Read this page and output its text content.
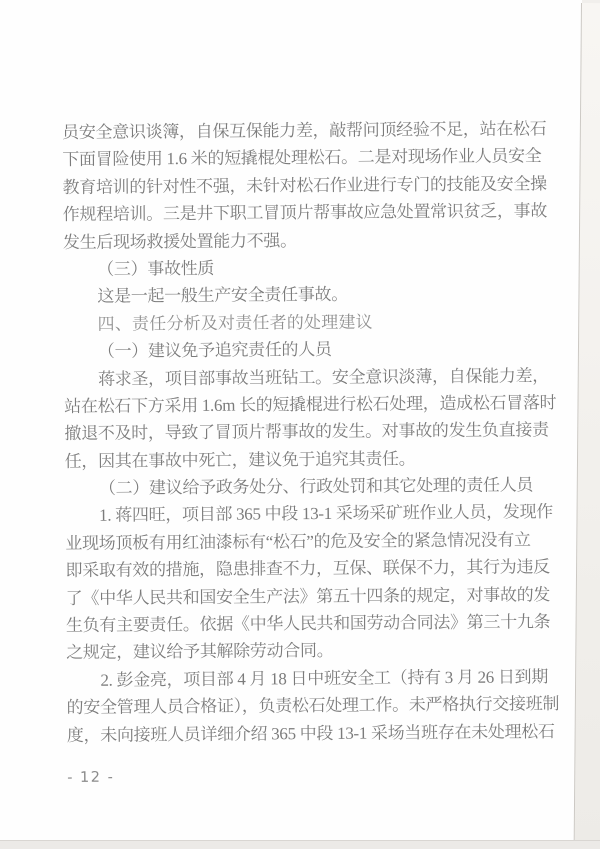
员安全意识谈簿，自保互保能力差，敲帮问顶经验不足，站在松石
下面冒险使用 1.6 米的短撬棍处理松石。二是对现场作业人员安全
教育培训的针对性不强，未针对松石作业进行专门的技能及安全操
作规程培训。三是井下职工冒顶片帮事故应急处置常识贫乏，事故
发生后现场救援处置能力不强。
（三）事故性质
这是一起一般生产安全责任事故。
四、责任分析及对责任者的处理建议
（一）建议免予追究责任的人员
蒋求圣，项目部事故当班钻工。安全意识淡薄，自保能力差，
站在松石下方采用 1.6m 长的短撬棍进行松石处理，造成松石冒落时
撤退不及时，导致了冒顶片帮事故的发生。对事故的发生负直接责
任，因其在事故中死亡，建议免于追究其责任。
（二）建议给予政务处分、行政处罚和其它处理的责任人员
1. 蒋四旺，项目部 365 中段 13-1 采场采矿班作业人员，发现作
业现场顶板有用红油漆标有“松石”的危及安全的紧急情况没有立
即采取有效的措施，隐患排查不力，互保、联保不力，其行为违反
了《中华人民共和国安全生产法》第五十四条的规定，对事故的发
生负有主要责任。依据《中华人民共和国劳动合同法》第三十九条
之规定，建议给予其解除劳动合同。
2. 彭金亮，项目部 4 月 18 日中班安全工（持有 3 月 26 日到期
的安全管理人员合格证），负责松石处理工作。未严格执行交接班制
度，未向接班人员详细介绍 365 中段 13-1 采场当班存在未处理松石
- 12 -
